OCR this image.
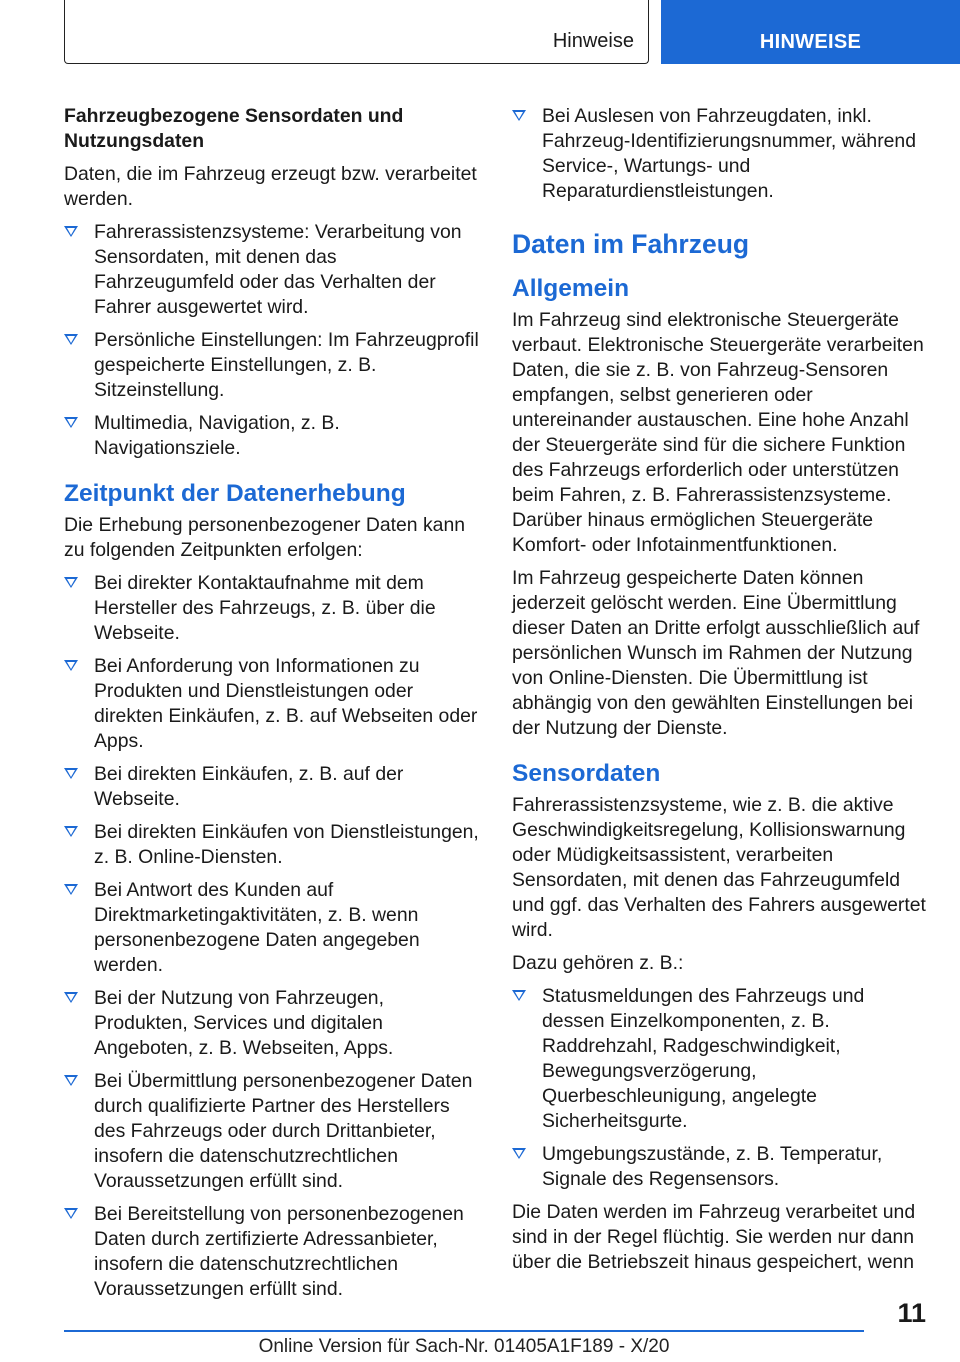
Hinweise	HINWEISE

Fahrzeugbezogene Sensordaten und Nutzungsdaten

Daten, die im Fahrzeug erzeugt bzw. verarbeitet werden.

Fahrerassistenzsysteme: Verarbeitung von Sensordaten, mit denen das Fahrzeugumfeld oder das Verhalten der Fahrer ausgewertet wird.
Persönliche Einstellungen: Im Fahrzeugprofil gespeicherte Einstellungen, z. B. Sitzeinstellung.
Multimedia, Navigation, z. B. Navigationsziele.
Zeitpunkt der Datenerhebung

Die Erhebung personenbezogener Daten kann zu folgenden Zeitpunkten erfolgen:

Bei direkter Kontaktaufnahme mit dem Hersteller des Fahrzeugs, z. B. über die Webseite.
Bei Anforderung von Informationen zu Produkten und Dienstleistungen oder direkten Einkäufen, z. B. auf Webseiten oder Apps.
Bei direkten Einkäufen, z. B. auf der Webseite.
Bei direkten Einkäufen von Dienstleistungen, z. B. Online-Diensten.
Bei Antwort des Kunden auf Direktmarketingaktivitäten, z. B. wenn personenbezogene Daten angegeben werden.
Bei der Nutzung von Fahrzeugen, Produkten, Services und digitalen Angeboten, z. B. Webseiten, Apps.
Bei Übermittlung personenbezogener Daten durch qualifizierte Partner des Herstellers des Fahrzeugs oder durch Drittanbieter, insofern die datenschutzrechtlichen Voraussetzungen erfüllt sind.
Bei Bereitstellung von personenbezogenen Daten durch zertifizierte Adressanbieter, insofern die datenschutzrechtlichen Voraussetzungen erfüllt sind.
Bei Auslesen von Fahrzeugdaten, inkl. Fahrzeug-Identifizierungsnummer, während Service-, Wartungs- und Reparaturdienstleistungen.
Daten im Fahrzeug
Allgemein

Im Fahrzeug sind elektronische Steuergeräte verbaut. Elektronische Steuergeräte verarbeiten Daten, die sie z. B. von Fahrzeug-Sensoren empfangen, selbst generieren oder untereinander austauschen. Eine hohe Anzahl der Steuergeräte sind für die sichere Funktion des Fahrzeugs erforderlich oder unterstützen beim Fahren, z. B. Fahrerassistenzsysteme. Darüber hinaus ermöglichen Steuergeräte Komfort- oder Infotainmentfunktionen.

Im Fahrzeug gespeicherte Daten können jederzeit gelöscht werden. Eine Übermittlung dieser Daten an Dritte erfolgt ausschließlich auf persönlichen Wunsch im Rahmen der Nutzung von Online-Diensten. Die Übermittlung ist abhängig von den gewählten Einstellungen bei der Nutzung der Dienste.

Sensordaten

Fahrerassistenzsysteme, wie z. B. die aktive Geschwindigkeitsregelung, Kollisionswarnung oder Müdigkeitsassistent, verarbeiten Sensordaten, mit denen das Fahrzeugumfeld und ggf. das Verhalten des Fahrers ausgewertet wird.

Dazu gehören z. B.:

Statusmeldungen des Fahrzeugs und dessen Einzelkomponenten, z. B. Raddrehzahl, Radgeschwindigkeit, Bewegungsverzögerung, Querbeschleunigung, angelegte Sicherheitsgurte.
Umgebungszustände, z. B. Temperatur, Signale des Regensensors.

Die Daten werden im Fahrzeug verarbeitet und sind in der Regel flüchtig. Sie werden nur dann über die Betriebszeit hinaus gespeichert, wenn

11
Online Version für Sach-Nr. 01405A1F189 - X/20
